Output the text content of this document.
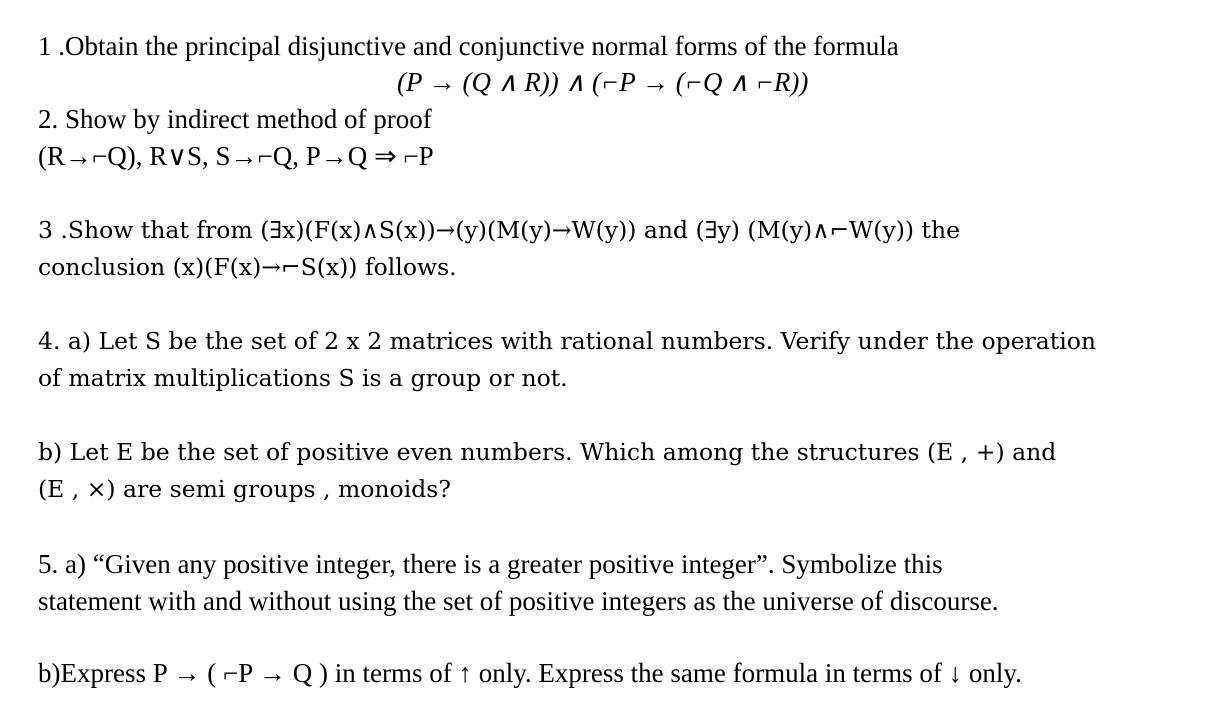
1 .Obtain the principal disjunctive and conjunctive normal forms of the formula
(P → (Q ∧ R)) ∧ (⌐P → (⌐Q ∧ ⌐R))
2. Show by indirect method of proof
(R→⌐Q), R∨S, S→⌐Q, P→Q ⇒ ⌐P
3 .Show that from (∃x)(F(x)∧S(x))→(y)(M(y)→W(y)) and (∃y) (M(y)∧⌐W(y)) the
conclusion (x)(F(x)→⌐S(x)) follows.
4. a) Let S be the set of 2 x 2 matrices with rational numbers. Verify under the operation
of matrix multiplications S is a group or not.
b) Let E be the set of positive even numbers. Which among the structures (E , +) and
(E , ×) are semi groups , monoids?
5. a) “Given any positive integer, there is a greater positive integer”. Symbolize this
statement with and without using the set of positive integers as the universe of discourse.
b)Express P → ( ⌐P → Q ) in terms of ↑ only. Express the same formula in terms of ↓ only.
